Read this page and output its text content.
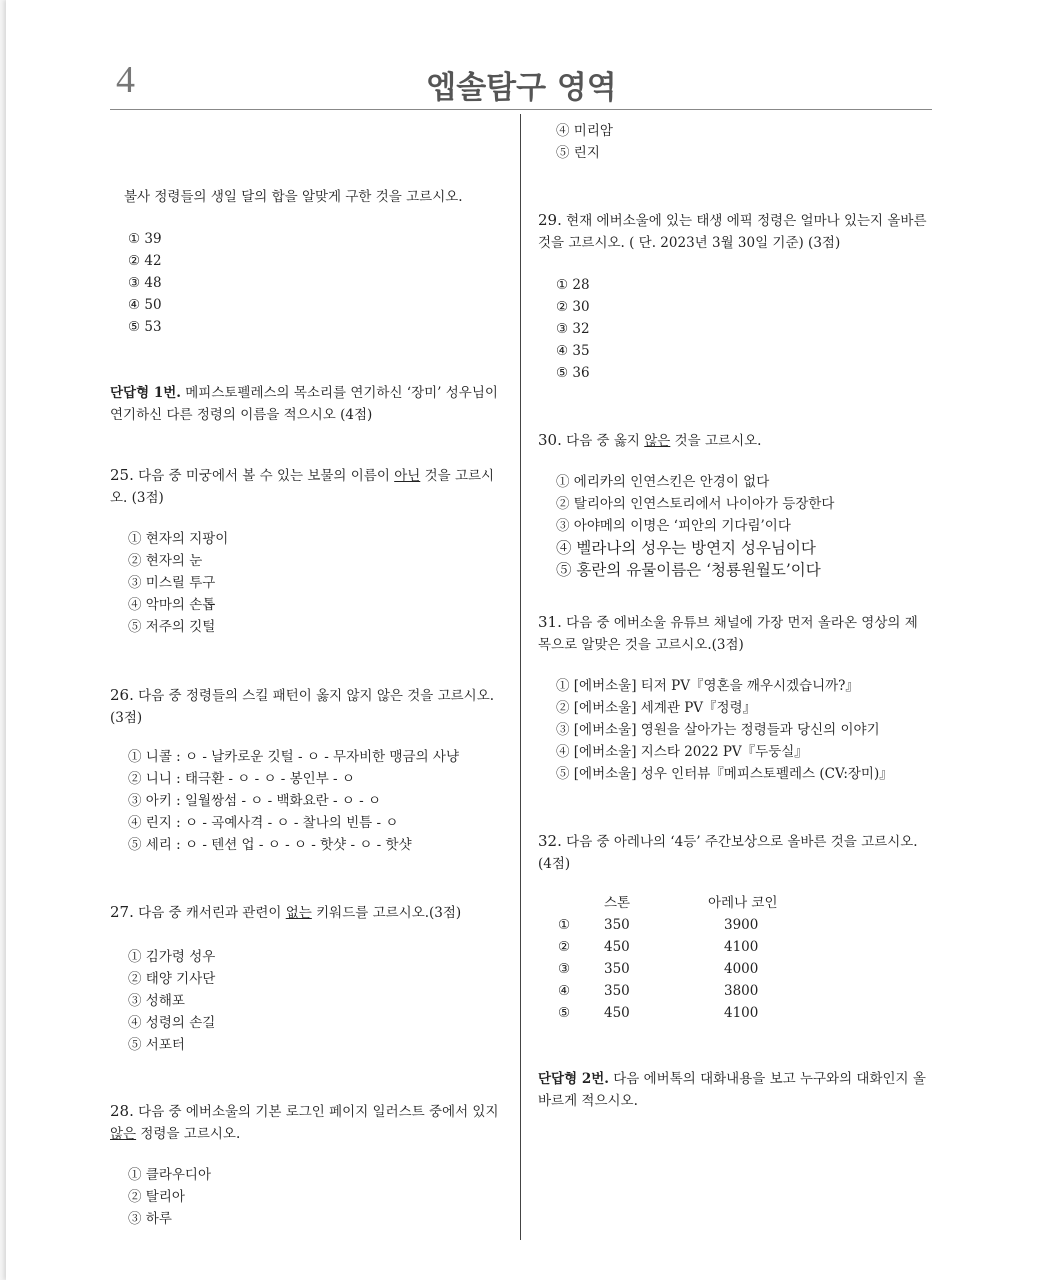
4	엡솔탐구 영역
불사 정령들의 생일 달의 합을 알맞게 구한 것을 고르시오.
① 39
② 42
③ 48
④ 50
⑤ 53
단답형 1번. 메피스토펠레스의 목소리를 연기하신 ‘장미’ 성우님이 연기하신 다른 정령의 이름을 적으시오 (4점)
25. 다음 중 미궁에서 볼 수 있는 보물의 이름이 아닌 것을 고르시오. (3점)
① 현자의 지팡이
② 현자의 눈
③ 미스릴 투구
④ 악마의 손톱
⑤ 저주의 깃털
26. 다음 중 정령들의 스킬 패턴이 옳지 않지 않은 것을 고르시오.(3점)
① 니콜 : ㅇ - 날카로운 깃털 - ㅇ - 무자비한 맹금의 사냥
② 니니 : 태극환 - ㅇ - ㅇ - 봉인부 - ㅇ
③ 아키 : 일월쌍섬 - ㅇ - 백화요란 - ㅇ - ㅇ
④ 린지 : ㅇ - 곡예사격 - ㅇ - 찰나의 빈틈 - ㅇ
⑤ 세리 : ㅇ - 텐션 업 - ㅇ - ㅇ - 핫샷 - ㅇ - 핫샷
27. 다음 중 캐서린과 관련이 없는 키워드를 고르시오.(3점)
① 김가령 성우
② 태양 기사단
③ 성해포
④ 성령의 손길
⑤ 서포터
28. 다음 중 에버소울의 기본 로그인 페이지 일러스트 중에서 있지 않은 정령을 고르시오.
① 클라우디아
② 탈리아
③ 하루
④ 미리암
⑤ 린지
29. 현재 에버소울에 있는 태생 에픽 정령은 얼마나 있는지 올바른 것을 고르시오. ( 단. 2023년 3월 30일 기준) (3점)
① 28
② 30
③ 32
④ 35
⑤ 36
30. 다음 중 옳지 않은 것을 고르시오.
① 에리카의 인연스킨은 안경이 없다
② 탈리아의 인연스토리에서 나이아가 등장한다
③ 아야메의 이명은 ‘피안의 기다림’이다
④ 벨라나의 성우는 방연지 성우님이다
⑤ 홍란의 유물이름은 ‘청룡원월도’이다
31. 다음 중 에버소울 유튜브 채널에 가장 먼저 올라온 영상의 제목으로 알맞은 것을 고르시오.(3점)
① [에버소울] 티저 PV『영혼을 깨우시겠습니까?』
② [에버소울] 세계관 PV『정령』
③ [에버소울] 영원을 살아가는 정령들과 당신의 이야기
④ [에버소울] 지스타 2022 PV『두둥실』
⑤ [에버소울] 성우 인터뷰『메피스토펠레스 (CV:장미)』
32. 다음 중 아레나의 ‘4등’ 주간보상으로 올바른 것을 고르시오.(4점)
스톤	아레나 코인
①	350	3900
②	450	4100
③	350	4000
④	350	3800
⑤	450	4100
단답형 2번. 다음 에버톡의 대화내용을 보고 누구와의 대화인지 올바르게 적으시오.
